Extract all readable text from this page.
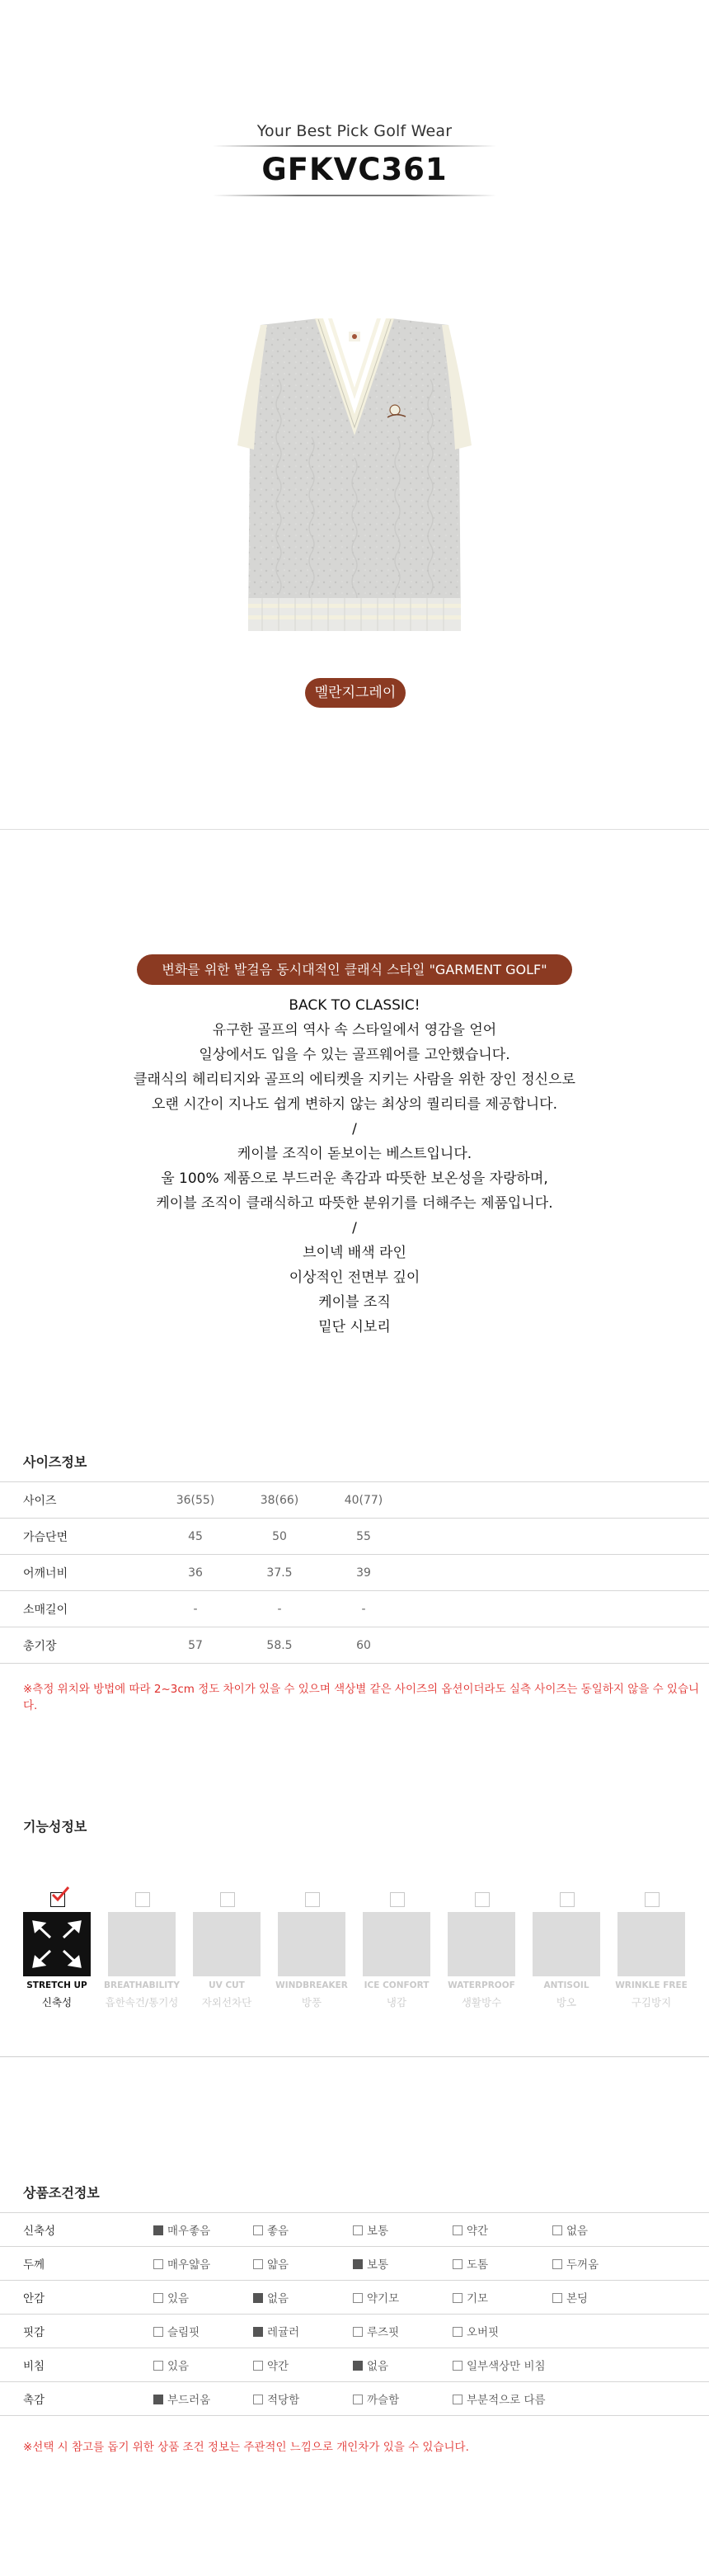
Your Best Pick Golf Wear
GFKVC361
멜란지그레이
변화를 위한 발걸음 동시대적인 클래식 스타일 "GARMENT GOLF"
BACK TO CLASSIC!
유구한 골프의 역사 속 스타일에서 영감을 얻어
일상에서도 입을 수 있는 골프웨어를 고안했습니다.
클래식의 헤리티지와 골프의 에티켓을 지키는 사람을 위한 장인 정신으로
오랜 시간이 지나도 쉽게 변하지 않는 최상의 퀄리티를 제공합니다.
/
케이블 조직이 돋보이는 베스트입니다.
울 100% 제품으로 부드러운 촉감과 따뜻한 보온성을 자랑하며,
케이블 조직이 클래식하고 따뜻한 분위기를 더해주는 제품입니다.
/
브이넥 배색 라인
이상적인 전면부 깊이
케이블 조직
밑단 시보리
사이즈정보
사이즈	36(55)	38(66)	40(77)	
가슴단면	45	50	55	
어깨너비	36	37.5	39	
소매길이	-	-	-	
총기장	57	58.5	60	
※측정 위치와 방법에 따라 2~3cm 정도 차이가 있을 수 있으며 색상별 같은 사이즈의 옵션이더라도 실측 사이즈는 동일하지 않을 수 있습니다.
기능성정보
STRETCH UP
신축성
BREATHABILITY
흡한속건/통기성
UV CUT
자외선차단
WINDBREAKER
방풍
ICE CONFORT
냉감
WATERPROOF
생활방수
ANTISOIL
방오
WRINKLE FREE
구김방지
상품조건정보
신축성	매우좋음	좋음	보통	약간	없음	
두께	매우얇음	얇음	보통	도톰	두꺼움	
안감	있음	없음	약기모	기모	본딩	
핏감	슬림핏	레귤러	루즈핏	오버핏		
비침	있음	약간	없음	일부색상만 비침		
촉감	부드러움	적당함	까슬함	부분적으로 다름		
※선택 시 참고를 돕기 위한 상품 조건 정보는 주관적인 느낌으로 개인차가 있을 수 있습니다.
